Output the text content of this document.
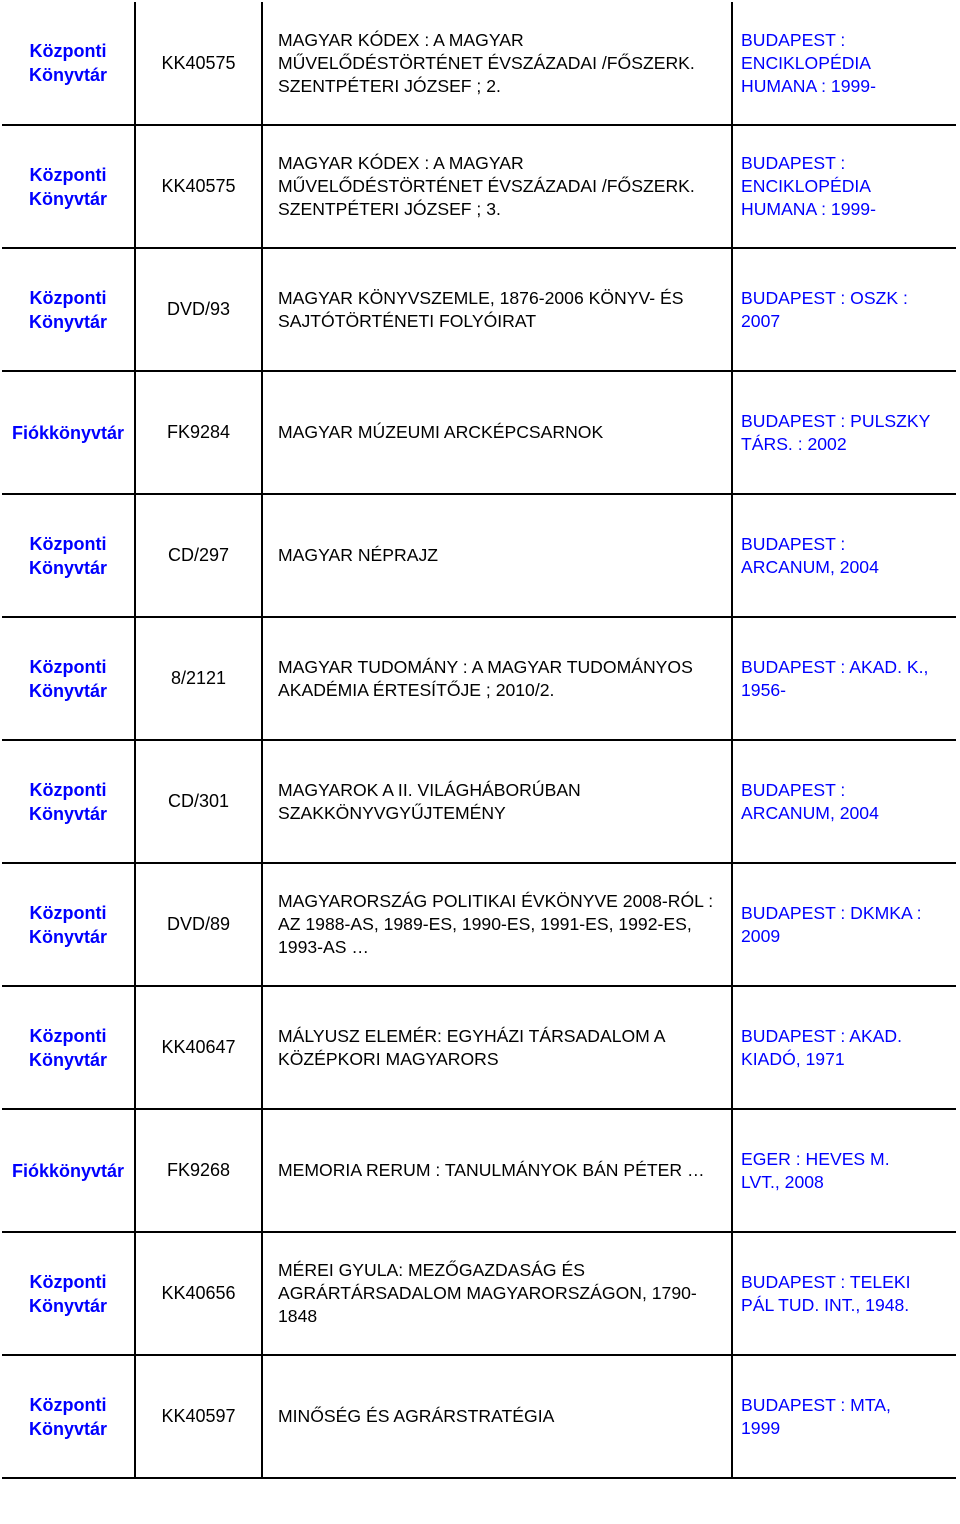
Központi
Könyvtár	KK40575	MAGYAR KÓDEX : A MAGYAR
MŰVELŐDÉSTÖRTÉNET ÉVSZÁZADAI /FŐSZERK.
SZENTPÉTERI JÓZSEF ; 2.	BUDAPEST :
ENCIKLOPÉDIA
HUMANA : 1999-

Központi
Könyvtár	KK40575	MAGYAR KÓDEX : A MAGYAR
MŰVELŐDÉSTÖRTÉNET ÉVSZÁZADAI /FŐSZERK.
SZENTPÉTERI JÓZSEF ; 3.	BUDAPEST :
ENCIKLOPÉDIA
HUMANA : 1999-

Központi
Könyvtár	DVD/93	MAGYAR KÖNYVSZEMLE, 1876-2006 KÖNYV- ÉS
SAJTÓTÖRTÉNETI FOLYÓIRAT	BUDAPEST : OSZK :
2007

Fiókkönyvtár	FK9284	MAGYAR MÚZEUMI ARCKÉPCSARNOK	BUDAPEST : PULSZKY
TÁRS. : 2002

Központi
Könyvtár	CD/297	MAGYAR NÉPRAJZ	BUDAPEST :
ARCANUM, 2004

Központi
Könyvtár	8/2121	MAGYAR TUDOMÁNY : A MAGYAR TUDOMÁNYOS
AKADÉMIA ÉRTESÍTŐJE ; 2010/2.	BUDAPEST : AKAD. K.,
1956-

Központi
Könyvtár	CD/301	MAGYAROK A II. VILÁGHÁBORÚBAN
SZAKKÖNYVGYŰJTEMÉNY	BUDAPEST :
ARCANUM, 2004

Központi
Könyvtár	DVD/89	MAGYARORSZÁG POLITIKAI ÉVKÖNYVE 2008-RÓL :
AZ 1988-AS, 1989-ES, 1990-ES, 1991-ES, 1992-ES,
1993-AS …	BUDAPEST : DKMKA :
2009

Központi
Könyvtár	KK40647	MÁLYUSZ ELEMÉR: EGYHÁZI TÁRSADALOM A
KÖZÉPKORI MAGYARORS	BUDAPEST : AKAD.
KIADÓ, 1971

Fiókkönyvtár	FK9268	MEMORIA RERUM : TANULMÁNYOK BÁN PÉTER …	EGER : HEVES M.
LVT., 2008

Központi
Könyvtár	KK40656	MÉREI GYULA: MEZŐGAZDASÁG ÉS
AGRÁRTÁRSADALOM MAGYARORSZÁGON, 1790-
1848	BUDAPEST : TELEKI
PÁL TUD. INT., 1948.

Központi
Könyvtár	KK40597	MINŐSÉG ÉS AGRÁRSTRATÉGIA	BUDAPEST : MTA,
1999
